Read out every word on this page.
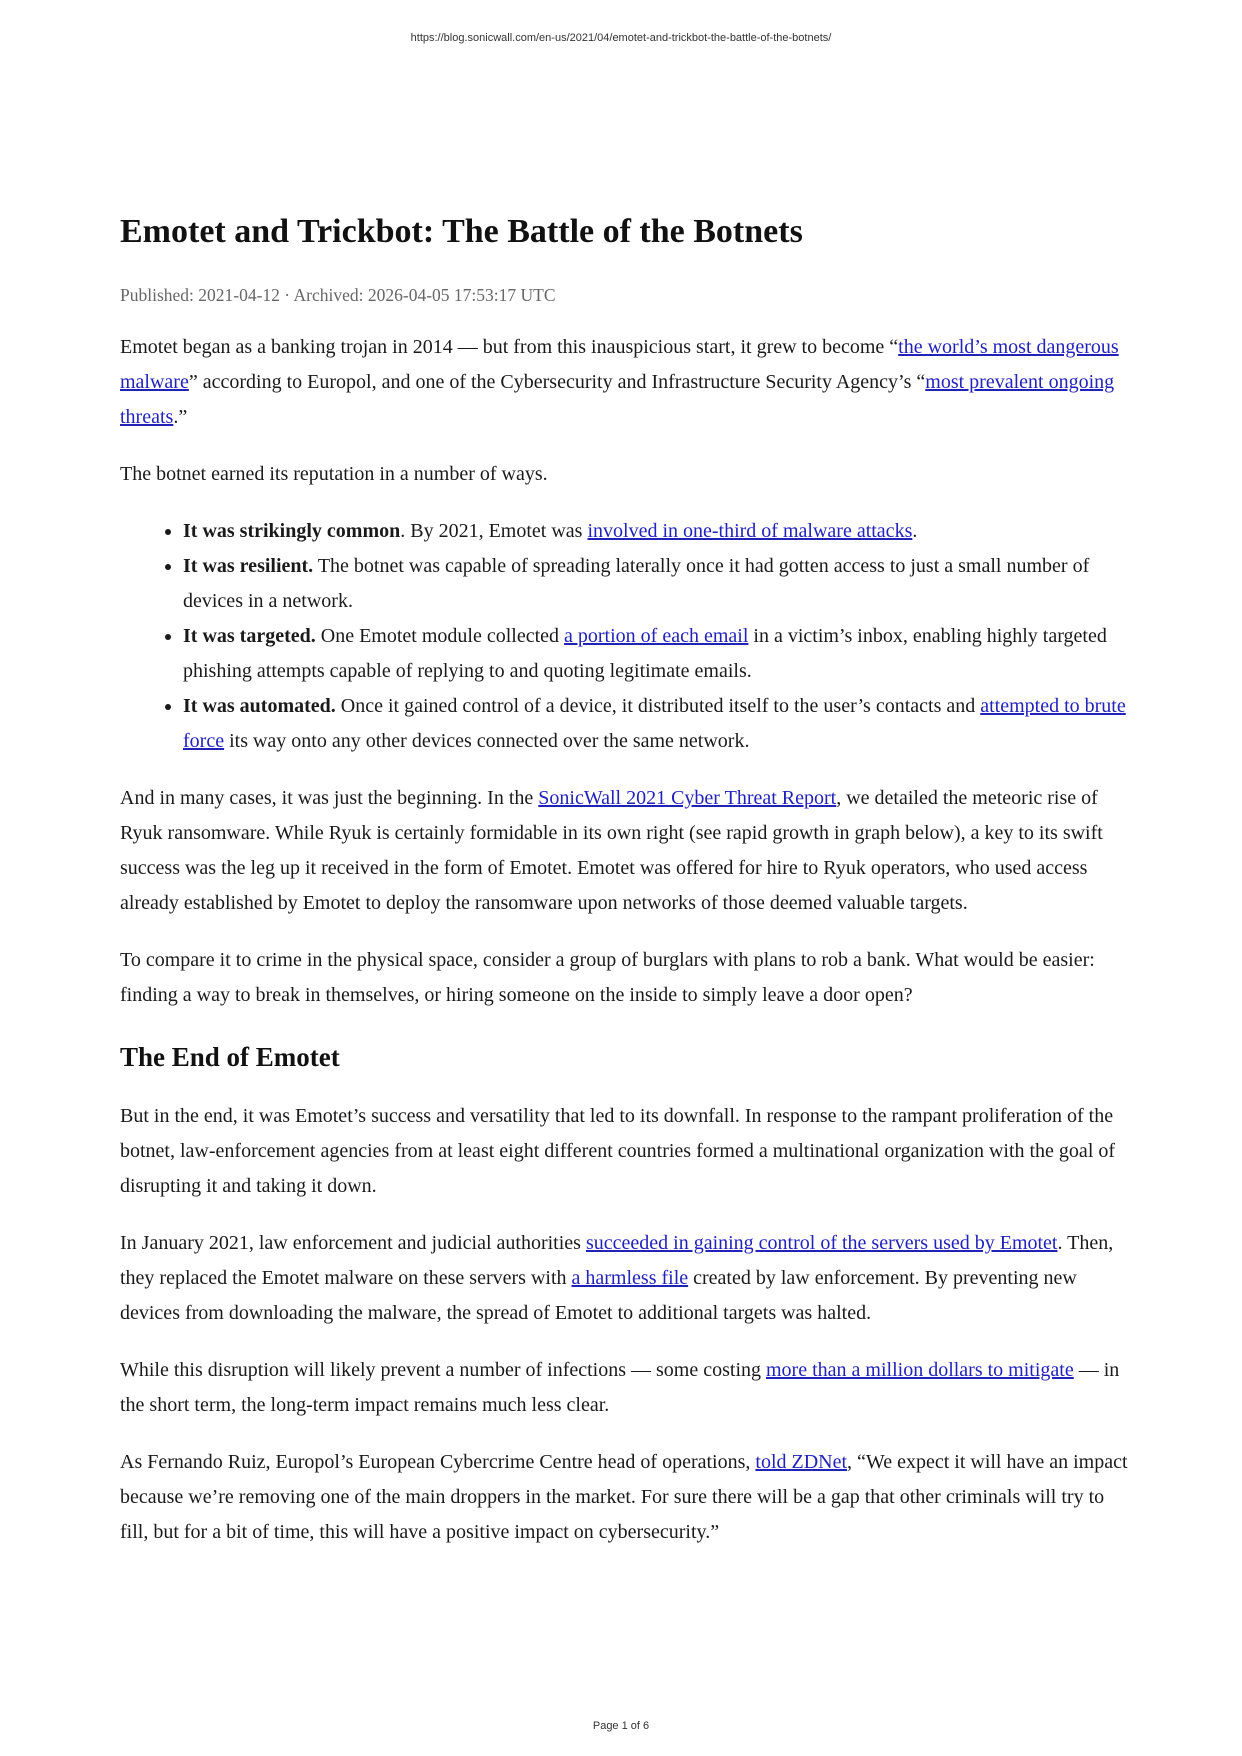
https://blog.sonicwall.com/en-us/2021/04/emotet-and-trickbot-the-battle-of-the-botnets/
Emotet and Trickbot: The Battle of the Botnets
Published: 2021-04-12 · Archived: 2026-04-05 17:53:17 UTC

Emotet began as a banking trojan in 2014 — but from this inauspicious start, it grew to become “the world’s most dangerous malware” according to Europol, and one of the Cybersecurity and Infrastructure Security Agency’s “most prevalent ongoing threats.”

The botnet earned its reputation in a number of ways.

• It was strikingly common. By 2021, Emotet was involved in one-third of malware attacks.
• It was resilient. The botnet was capable of spreading laterally once it had gotten access to just a small number of devices in a network.
• It was targeted. One Emotet module collected a portion of each email in a victim’s inbox, enabling highly targeted phishing attempts capable of replying to and quoting legitimate emails.
• It was automated. Once it gained control of a device, it distributed itself to the user’s contacts and attempted to brute force its way onto any other devices connected over the same network.

And in many cases, it was just the beginning. In the SonicWall 2021 Cyber Threat Report, we detailed the meteoric rise of Ryuk ransomware. While Ryuk is certainly formidable in its own right (see rapid growth in graph below), a key to its swift success was the leg up it received in the form of Emotet. Emotet was offered for hire to Ryuk operators, who used access already established by Emotet to deploy the ransomware upon networks of those deemed valuable targets.

To compare it to crime in the physical space, consider a group of burglars with plans to rob a bank. What would be easier: finding a way to break in themselves, or hiring someone on the inside to simply leave a door open?

The End of Emotet

But in the end, it was Emotet’s success and versatility that led to its downfall. In response to the rampant proliferation of the botnet, law-enforcement agencies from at least eight different countries formed a multinational organization with the goal of disrupting it and taking it down.

In January 2021, law enforcement and judicial authorities succeeded in gaining control of the servers used by Emotet. Then, they replaced the Emotet malware on these servers with a harmless file created by law enforcement. By preventing new devices from downloading the malware, the spread of Emotet to additional targets was halted.

While this disruption will likely prevent a number of infections — some costing more than a million dollars to mitigate — in the short term, the long-term impact remains much less clear.

As Fernando Ruiz, Europol’s European Cybercrime Centre head of operations, told ZDNet, “We expect it will have an impact because we’re removing one of the main droppers in the market. For sure there will be a gap that other criminals will try to fill, but for a bit of time, this will have a positive impact on cybersecurity.”

Page 1 of 6
